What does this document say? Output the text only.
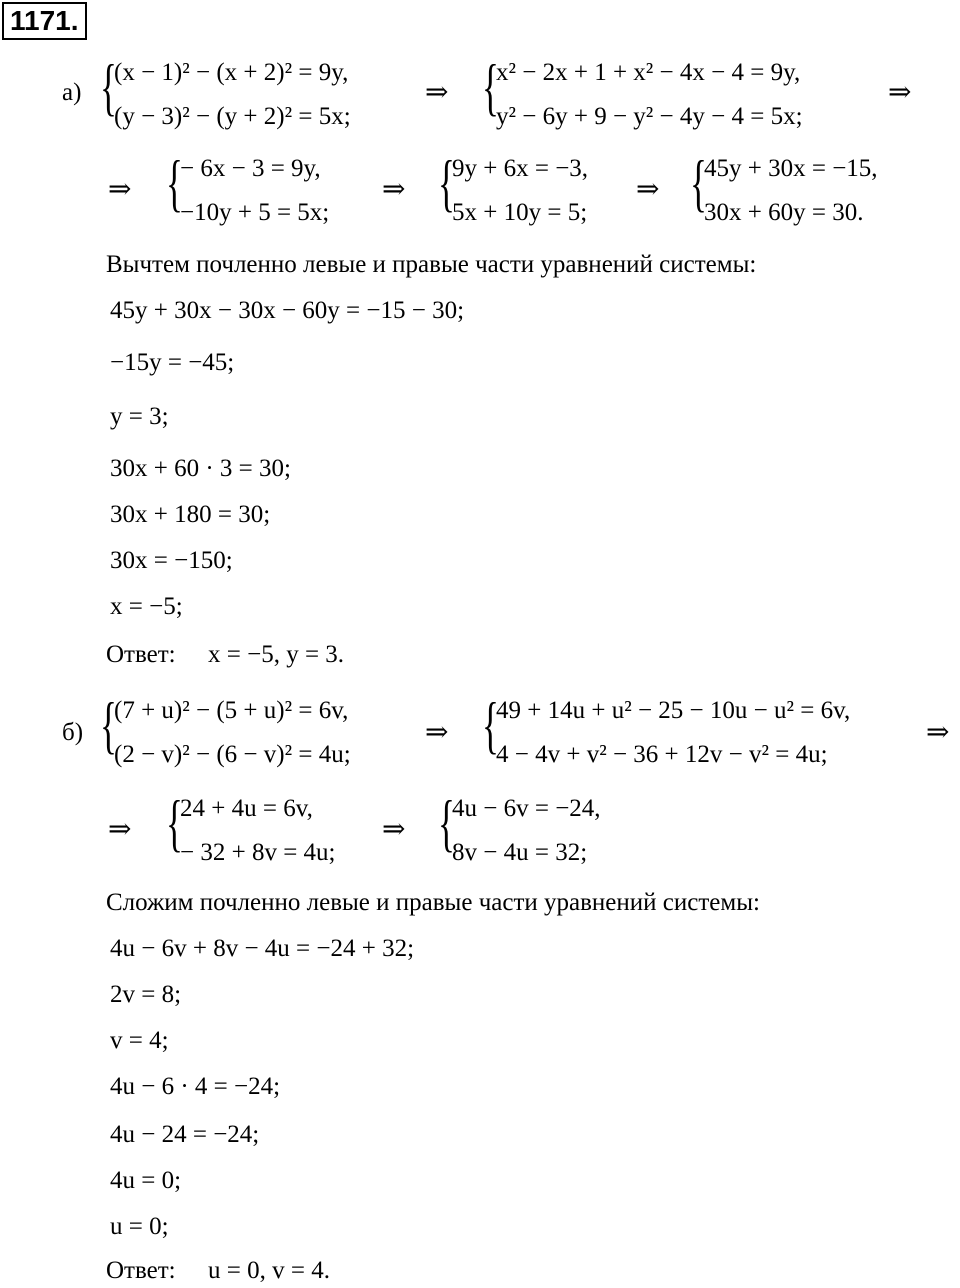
1171.
а) {
(x − 1)² − (x + 2)² = 9y,
(y − 3)² − (y + 2)² = 5x;
⇒ {
x² − 2x + 1 + x² − 4x − 4 = 9y,
y² − 6y + 9 − y² − 4y − 4 = 5x;
⇒
⇒ {
− 6x − 3 = 9y,
−10y + 5 = 5x;
⇒ {
9y + 6x = −3,
5x + 10y = 5;
⇒ {
45y + 30x = −15,
30x + 60y = 30.
Вычтем почленно левые и правые части уравнений системы:
45y + 30x − 30x − 60y = −15 − 30;
−15y = −45;
y = 3;
30x + 60 · 3 = 30;
30x + 180 = 30;
30x = −150;
x = −5;
Ответ: x = −5, y = 3.
б) {
(7 + u)² − (5 + u)² = 6v,
(2 − v)² − (6 − v)² = 4u;
⇒ {
49 + 14u + u² − 25 − 10u − u² = 6v,
4 − 4v + v² − 36 + 12v − v² = 4u;
⇒
⇒ {
24 + 4u = 6v,
− 32 + 8v = 4u;
⇒ {
4u − 6v = −24,
8v − 4u = 32;
Сложим почленно левые и правые части уравнений системы:
4u − 6v + 8v − 4u = −24 + 32;
2v = 8;
v = 4;
4u − 6 · 4 = −24;
4u − 24 = −24;
4u = 0;
u = 0;
Ответ: u = 0, v = 4.
